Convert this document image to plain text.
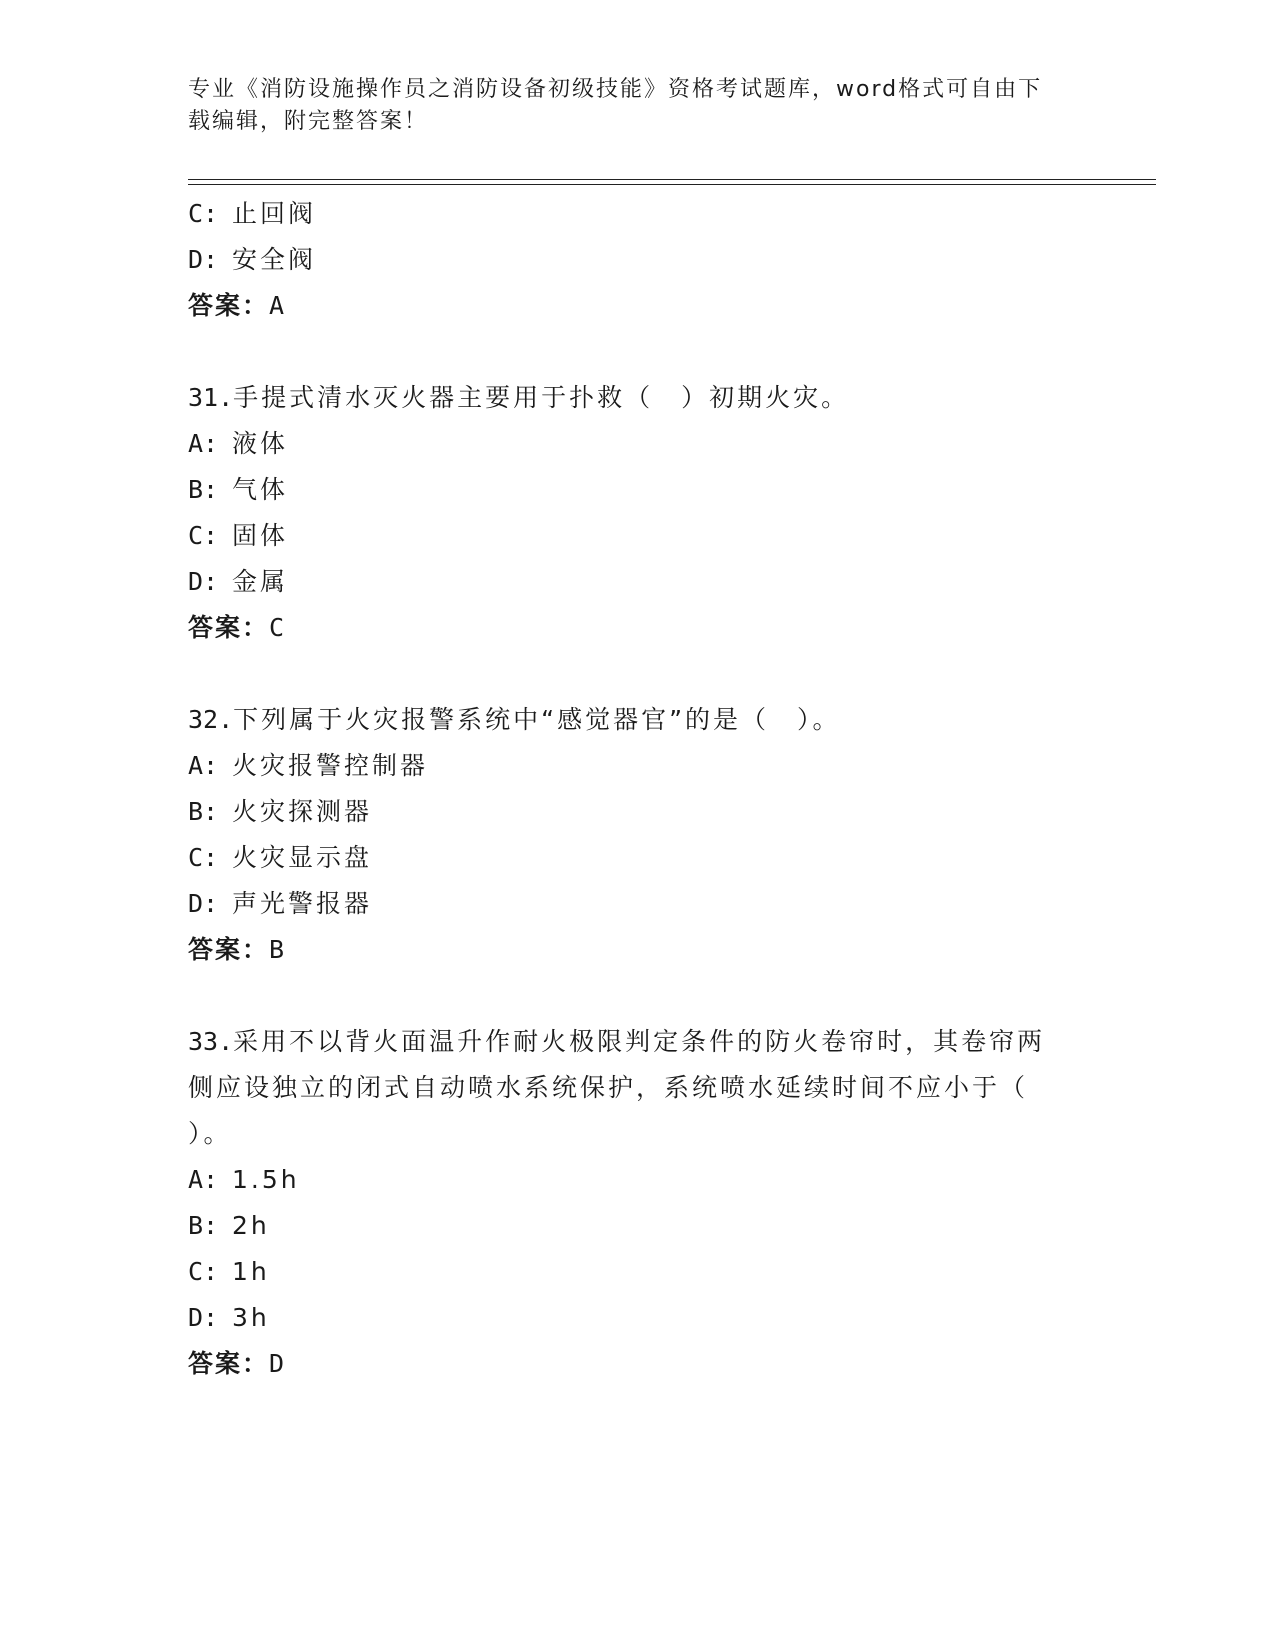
专业《消防设施操作员之消防设备初级技能》资格考试题库，word格式可自由下
载编辑，附完整答案！
C: 止回阀
D: 安全阀
答案：A
31.手提式清水灭火器主要用于扑救（　）初期火灾。
A: 液体
B: 气体
C: 固体
D: 金属
答案：C
32.下列属于火灾报警系统中“感觉器官”的是（　）。
A: 火灾报警控制器
B: 火灾探测器
C: 火灾显示盘
D: 声光警报器
答案：B
33.采用不以背火面温升作耐火极限判定条件的防火卷帘时，其卷帘两
侧应设独立的闭式自动喷水系统保护，系统喷水延续时间不应小于（
）。
A: 1.5h
B: 2h
C: 1h
D: 3h
答案：D
